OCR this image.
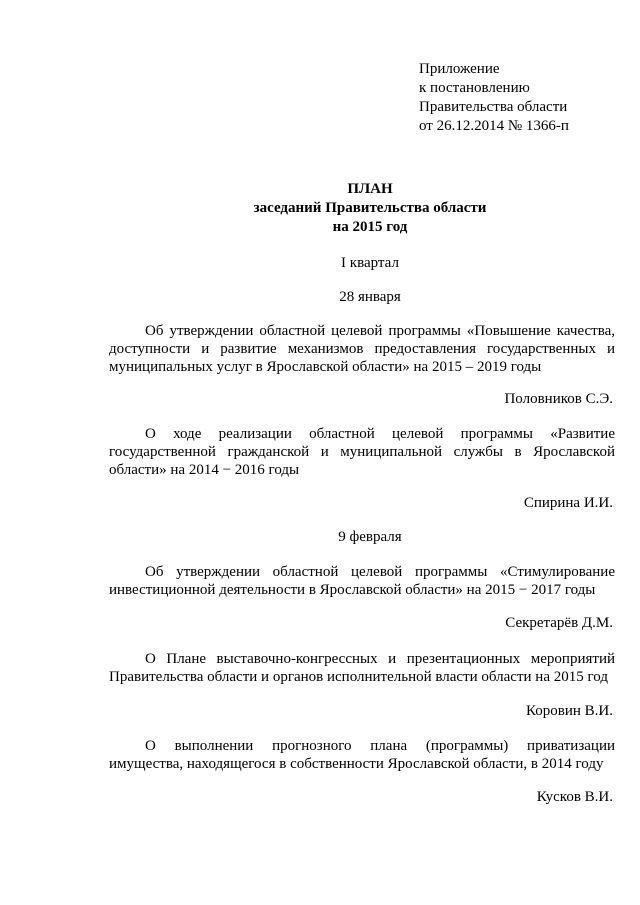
Приложение
к постановлению
Правительства области
от 26.12.2014 № 1366-п
ПЛАН
заседаний Правительства области
на 2015 год
I квартал
28 января
Об утверждении областной целевой программы «Повышение качества,
доступности и развитие механизмов предоставления государственных и
муниципальных услуг в Ярославской области» на 2015 – 2019 годы
Половников С.Э.
О ходе реализации областной целевой программы «Развитие
государственной гражданской и муниципальной службы в Ярославской
области» на 2014 − 2016 годы
Спирина И.И.
9 февраля
Об утверждении областной целевой программы «Стимулирование
инвестиционной деятельности в Ярославской области» на 2015 − 2017 годы
Секретарёв Д.М.
О Плане выставочно-конгрессных и презентационных мероприятий
Правительства области и органов исполнительной власти области на 2015 год
Коровин В.И.
О выполнении прогнозного плана (программы) приватизации
имущества, находящегося в собственности Ярославской области, в 2014 году
Кусков В.И.
